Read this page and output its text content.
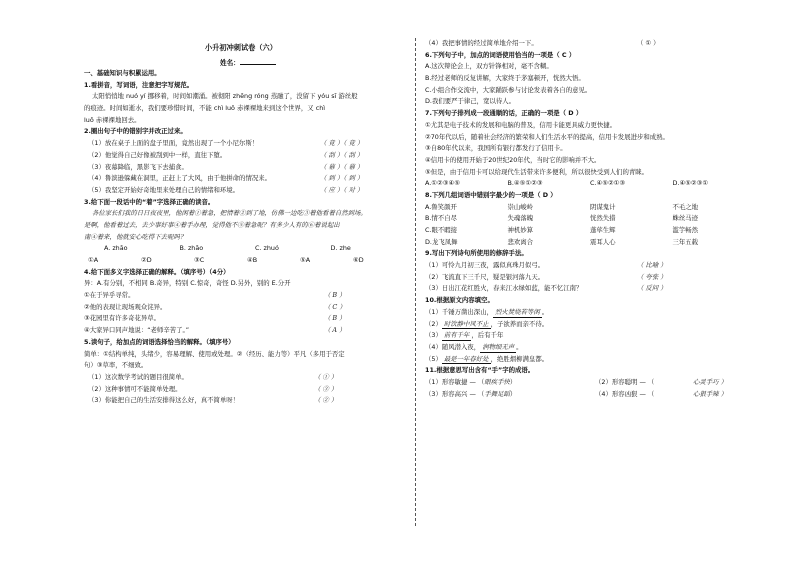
小升初冲刺试卷（六）
姓名：
一、基础知识与积累运用。
1.看拼音，写词语，注意把字写规范。
太阳悄悄地 nuó yí 挪移着，时间如潮涌。被彻阳 zhēng róng 蒸融了，没留下 yóu sī 游丝般
的痕迹。时间如逝水，我们要珍惜时间，不能 chì luǒ 赤裸裸地来到这个世界，又 chì
luǒ 赤裸裸地回去。
2.圈出句子中的错别字并改正过来。
（1）放在桌子上面的盘子里面，竟然出现了一个小尼尔斯！	（ 竟 ）（ 竟 ）
（2）他觉得自己好像被刮到中一样，直往下堕。	（ 刮 ）（ 刮 ）
（3）夜幕降临，黑影飞下去捕食。	（ 幕 ）（ 幕 ）
（4）鲁滨逊躲藏在洞里，正赶上了大风，由于他拼命的情况来。	（ 到 ）（ 到 ）
（5）我坚定开始好奇地里来处理自己的情绪和环境。	（ 应 ）（ 对 ）
3.给下面一段话中的“着”字选择正确的读音。
各位家长们我的日日夜夜里，他闲着①着急，把情着②到了地，仿佛一边吃③着他看着自然到场。
是啊，他看着过去，去少事好事④着手办理，觉得他不⑤着急呢？有多少人有的⑥着说起出
南④着来，他就安心吃得下去呢吗？
A. zhāo	B. zhāo	C. zhuó	D. zhe
①A	②D	③C	④B	⑤A	⑥D
4.给下面多义字选择正确的解释。（填序号）（4分）
异：A.有分别，不相同 B.奇异，特别 C.惊奇，奇怪 D.另外，别的 E.分开
①在于异乎寻常。	（ B ）
②他的表现让现场观众诧异。	（ C ）
③花园里有许多奇花异草。	（ B ）
④大家异口同声地说：“老师辛苦了。”	（ A ）
5.读句子，给加点的词语选择恰当的解释。（填序号）
简单：①结构单纯，头绪少，容易理解、使用或处理。②（经历、能力等）平凡（多用于否定
句）③草率，不细致。
（1）这次数学考试的题目很简单。	（ ① ）
（2）这种事情可不能简单处理。	（ ③ ）
（3）你能把自己的生活安排得这么好，真不简单呀！	（ ② ）
（4）我把事情的经过简单地介绍一下。	（ ① ）
6.下列句子中，加点的词语使用恰当的一项是（ C ）
A.这次辩论会上，双方针锋相对，毫不含糊。
B.经过老师的反复讲解，大家终于茅塞顿开，恍然大悟。
C.小组合作交流中，大家踊跃参与讨论发表着各自的意见。
D.我们要严于律己，宽以待人。
7.下列句子排列成一段通顺的话，正确的一项是（ D ）
①尤其是电子技术的发展和电脑的普及，信用卡能更具威力更快捷。
②70年代以后，随着社会经济的繁荣和人们生活水平的提高，信用卡发展进步和成熟。
③自80年代以来，我国所有银行都发行了信用卡。
④信用卡的使用开始于20世纪20年代，当时它的影响并不大。
⑤但是，由于信用卡可以给现代生活带来许多便利，所以很快受到人们的青睐。
A.①②③④⑤	B.④⑤①②③	C.④⑤②①③	D.④⑤②③①
8.下列几组词语中错别字最少的一项是（ D ）
A.鲁笑颜开	崇山峻岭	阴谋鬼计	不毛之地
B.情不自尽	失魂落魄	恍然失措	蛛丝马迹
C.眼不暇接	神机妙算	蓬荜生辉	滥竽畅然
D.龙飞凤舞	悲欢离合	震耳人心	三年五载
9.写出下列诗句所使用的修辞手法。
（1）可怜九月初三夜，露似真珠月似弓。	（ 比喻 ）
（2）飞流直下三千尺，疑是银河落九天。	（ 夸张 ）
（3）日出江花红胜火，春来江水绿如蓝，能不忆江南？	（ 反问 ）
10.根据原文内容填空。
（1）千锤万凿出深山， 烈火焚烧若等闲 。
（2） 时饮静中风不止 ，子欲养而亲不待。
（3） 前有千年 ，后有千年
（4）随风潜入夜， 润物细无声 。
（5） 最是一年春好处 ，绝胜烟柳满皇都。
11.根据意思写出含有“手”字的成语。
（1）形容敏捷 — （眼疾手快）	（2）形容聪明 — （	心灵手巧 ）
（3）形容高兴 — （手舞足蹈）	（4）形容凶狠 — （	心狠手辣 ）
